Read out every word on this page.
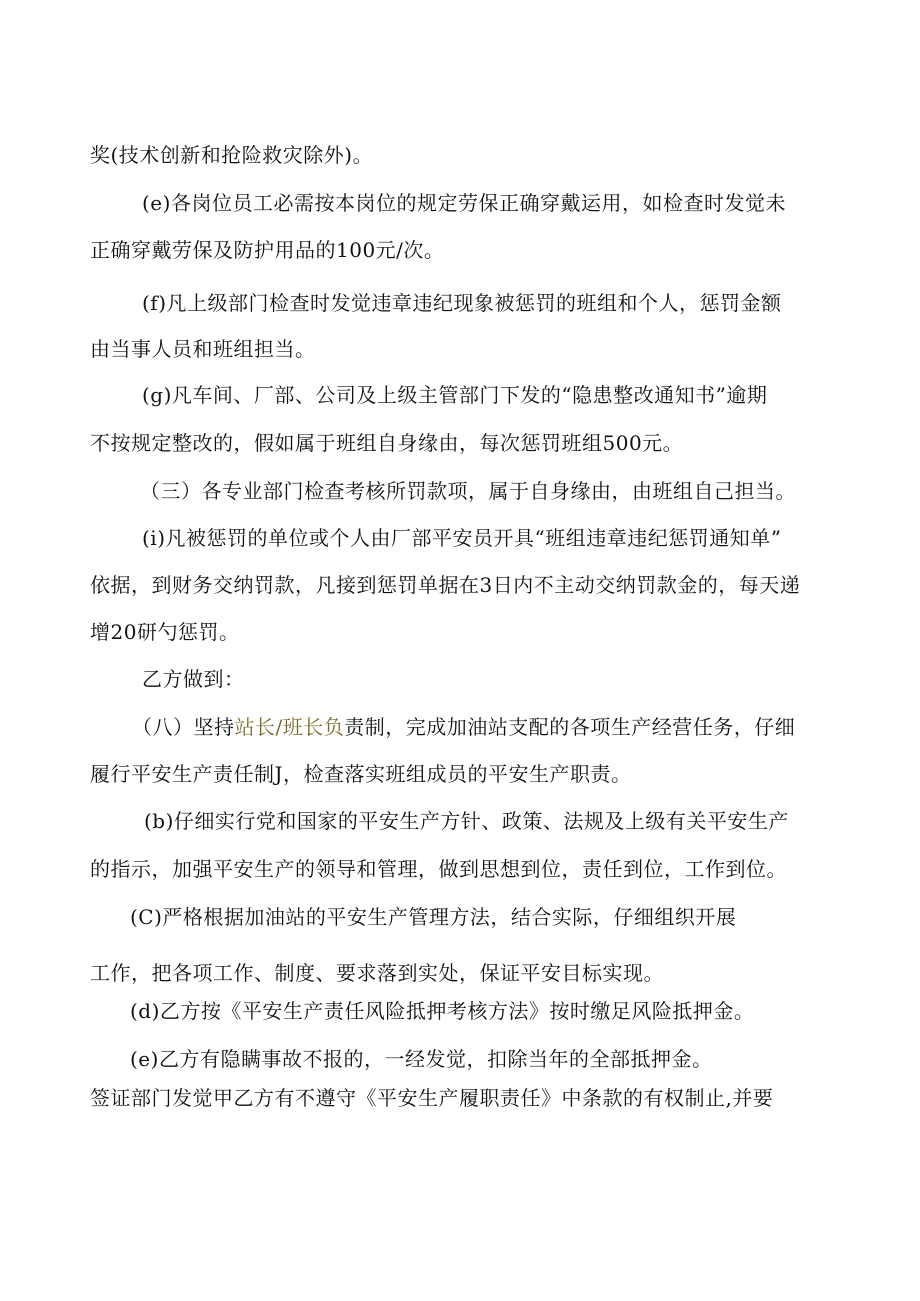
奖(技术创新和抢险救灾除外)。
(e)各岗位员工必需按本岗位的规定劳保正确穿戴运用，如检查时发觉未
正确穿戴劳保及防护用品的100元/次。
(f)凡上级部门检查时发觉违章违纪现象被惩罚的班组和个人，惩罚金额
由当事人员和班组担当。
(g)凡车间、厂部、公司及上级主管部门下发的“隐患整改通知书”逾期
不按规定整改的，假如属于班组自身缘由，每次惩罚班组500元。
（三）各专业部门检查考核所罚款项，属于自身缘由，由班组自己担当。
(i)凡被惩罚的单位或个人由厂部平安员开具“班组违章违纪惩罚通知单”
依据，到财务交纳罚款，凡接到惩罚单据在3日内不主动交纳罚款金的，每天递
增20研勺惩罚。
乙方做到：
（八）坚持站长/班长负责制，完成加油站支配的各项生产经营任务，仔细
履行平安生产责任制J，检查落实班组成员的平安生产职责。
(b)仔细实行党和国家的平安生产方针、政策、法规及上级有关平安生产
的指示，加强平安生产的领导和管理，做到思想到位，责任到位，工作到位。
(C)严格根据加油站的平安生产管理方法，结合实际，仔细组织开展
工作，把各项工作、制度、要求落到实处，保证平安目标实现。
(d)乙方按《平安生产责任风险抵押考核方法》按时缴足风险抵押金。
(e)乙方有隐瞒事故不报的，一经发觉，扣除当年的全部抵押金。
签证部门发觉甲乙方有不遵守《平安生产履职责任》中条款的有权制止,并要
